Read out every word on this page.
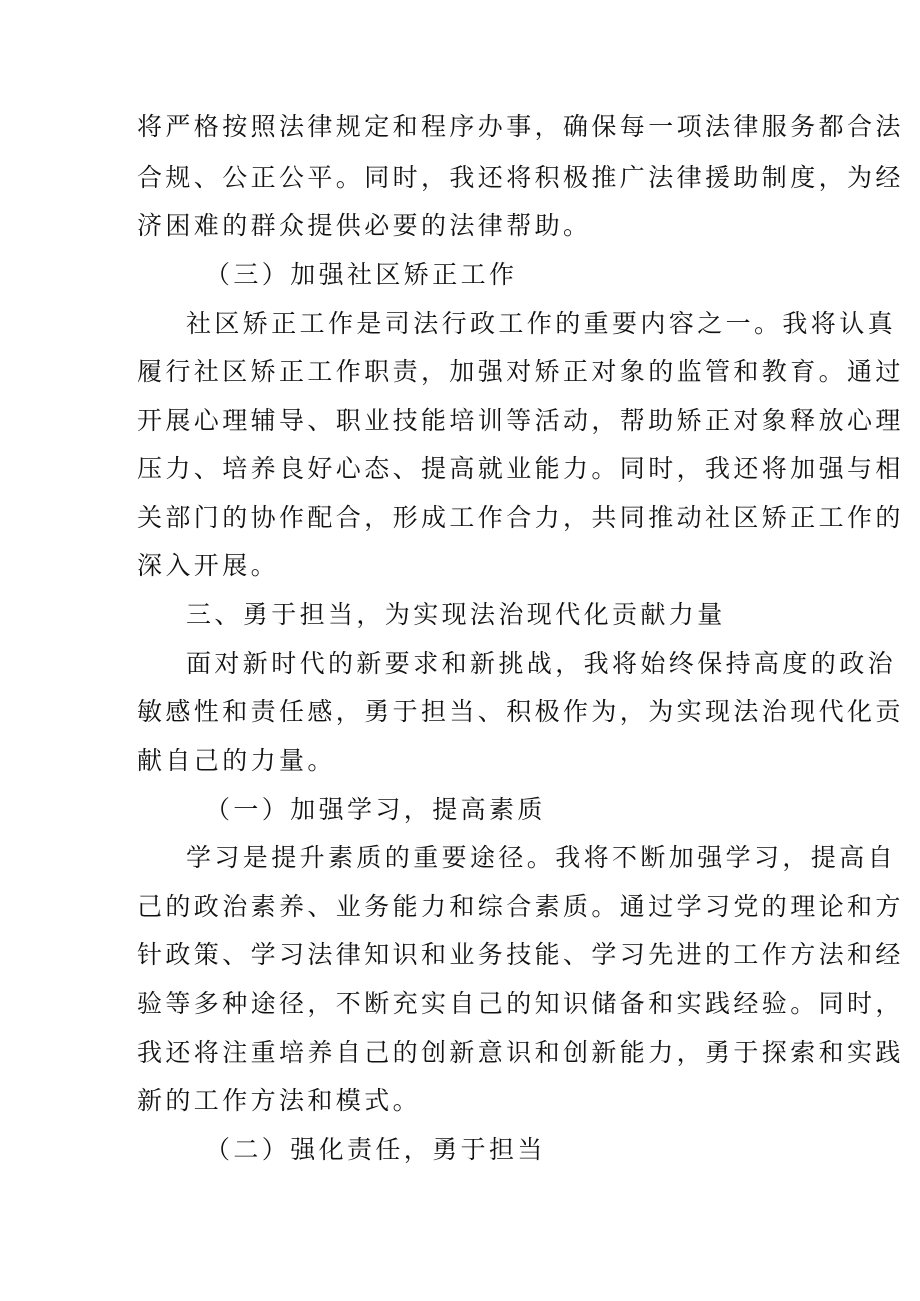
将严格按照法律规定和程序办事，确保每一项法律服务都合法
合规、公正公平。同时，我还将积极推广法律援助制度，为经
济困难的群众提供必要的法律帮助。
（三）加强社区矫正工作
社区矫正工作是司法行政工作的重要内容之一。我将认真
履行社区矫正工作职责，加强对矫正对象的监管和教育。通过
开展心理辅导、职业技能培训等活动，帮助矫正对象释放心理
压力、培养良好心态、提高就业能力。同时，我还将加强与相
关部门的协作配合，形成工作合力，共同推动社区矫正工作的
深入开展。
三、勇于担当，为实现法治现代化贡献力量
面对新时代的新要求和新挑战，我将始终保持高度的政治
敏感性和责任感，勇于担当、积极作为，为实现法治现代化贡
献自己的力量。
（一）加强学习，提高素质
学习是提升素质的重要途径。我将不断加强学习，提高自
己的政治素养、业务能力和综合素质。通过学习党的理论和方
针政策、学习法律知识和业务技能、学习先进的工作方法和经
验等多种途径，不断充实自己的知识储备和实践经验。同时，
我还将注重培养自己的创新意识和创新能力，勇于探索和实践
新的工作方法和模式。
（二）强化责任，勇于担当
